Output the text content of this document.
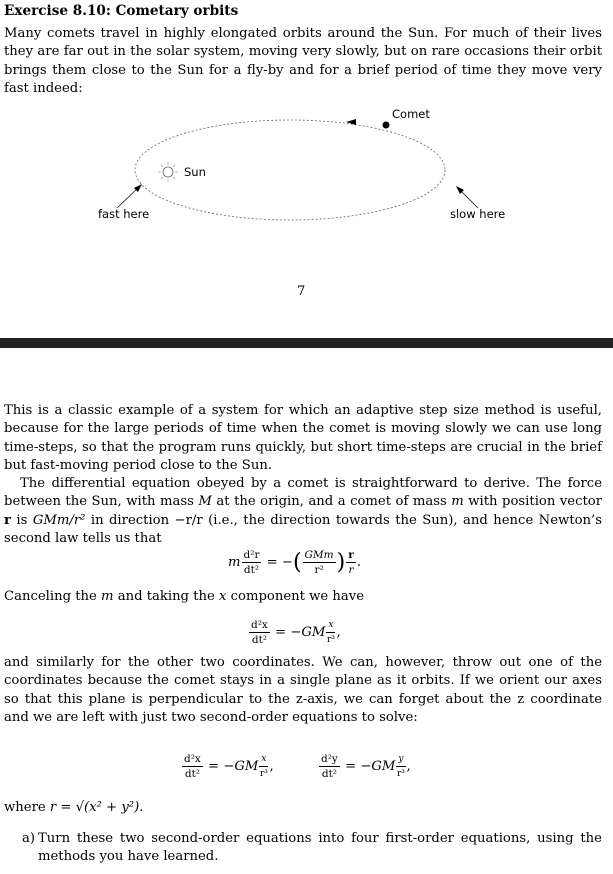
Exercise 8.10: Cometary orbits
Many comets travel in highly elongated orbits around the Sun. For much of their lives they are far out in the solar system, moving very slowly, but on rare occasions their orbit brings them close to the Sun for a fly-by and for a brief period of time they move very fast indeed:
Comet
Sun
fast here	slow here
7
This is a classic example of a system for which an adaptive step size method is useful, because for the large periods of time when the comet is moving slowly we can use long time-steps, so that the program runs quickly, but short time-steps are crucial in the brief but fast-moving period close to the Sun.
The differential equation obeyed by a comet is straightforward to derive. The force between the Sun, with mass M at the origin, and a comet of mass m with position vector r is GMm/r² in direction −r/r (i.e., the direction towards the Sun), and hence Newton’s second law tells us that
m $\frac{\text{d²r}}{\text{dt²}}$ = −( $\frac{\text{GMm}}{\text{r²}}$ ) $\frac{r}{r}$ .
Canceling the m and taking the x component we have
$\frac{\text{d²x}}{\text{dt²}} = -GM \frac{x}{\text{r³}}$ ,
and similarly for the other two coordinates. We can, however, throw out one of the coordinates because the comet stays in a single plane as it orbits. If we orient our axes so that this plane is perpendicular to the z-axis, we can forget about the z coordinate and we are left with just two second-order equations to solve:
$\frac{\text{d²x}}{\text{dt²}} = -GM \frac{x}{\text{r³}}$ ,	$\frac{\text{d²y}}{\text{dt²}} = -GM \frac{y}{\text{r³}}$ ,
where r = √(x² + y²).
a) Turn these two second-order equations into four first-order equations, using the methods you have learned.
